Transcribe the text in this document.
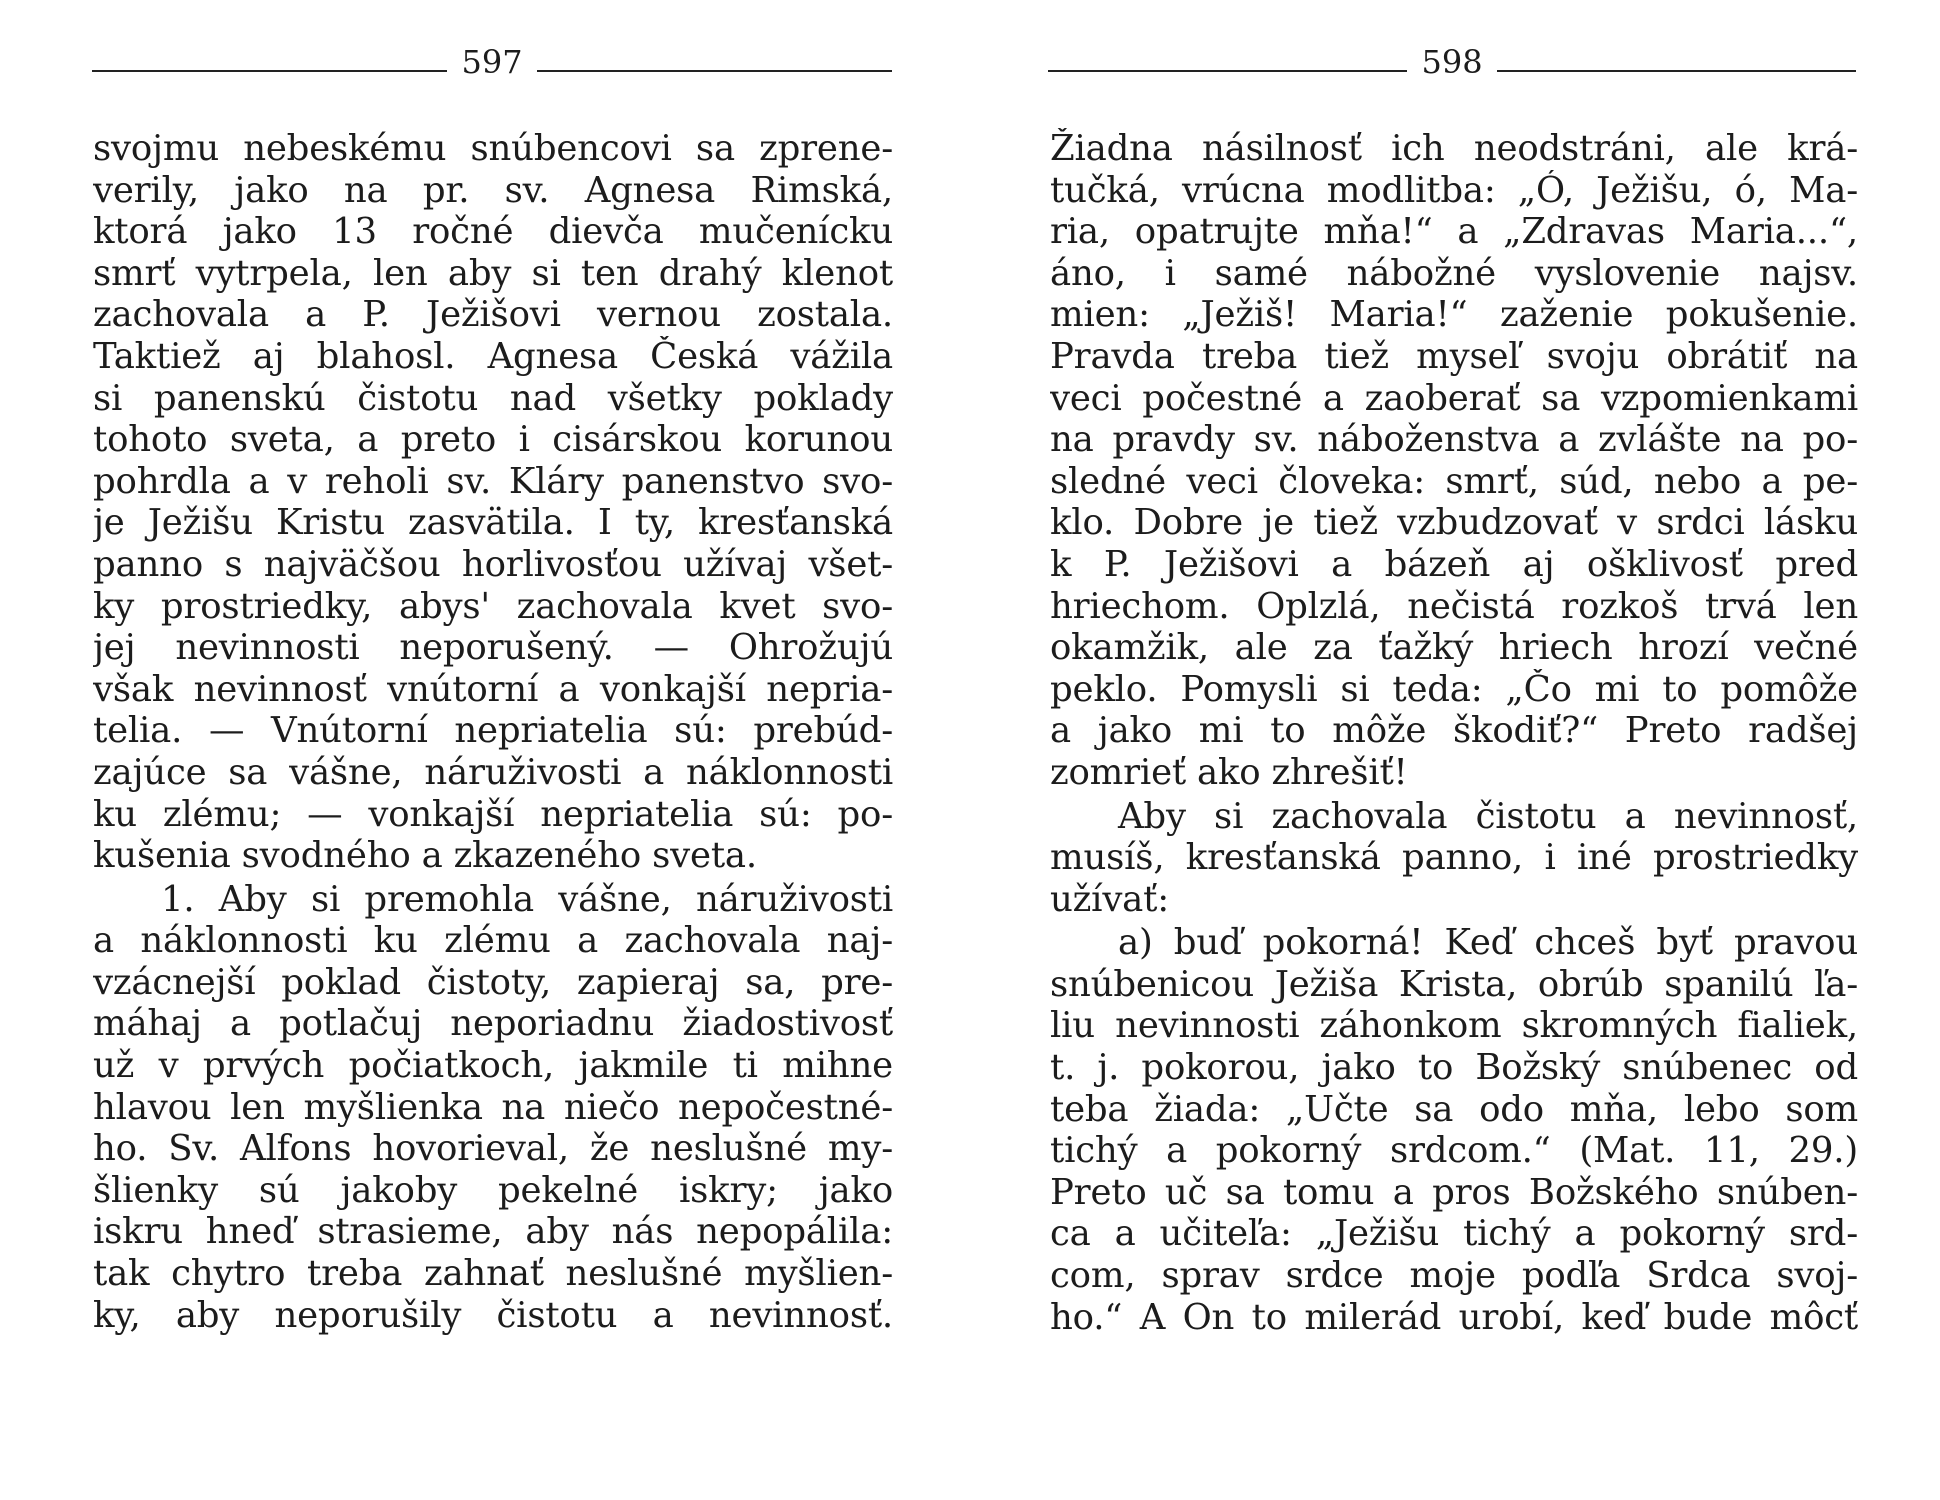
597
svojmu nebeskému snúbencovi sa zprene-
verily, jako na pr. sv. Agnesa Rimská,
ktorá jako 13 ročné dievča mučenícku
smrť vytrpela, len aby si ten drahý klenot
zachovala a P. Ježišovi vernou zostala.
Taktiež aj blahosl. Agnesa Česká vážila
si panenskú čistotu nad všetky poklady
tohoto sveta, a preto i cisárskou korunou
pohrdla a v reholi sv. Kláry panenstvo svo-
je Ježišu Kristu zasvätila. I ty, kresťanská
panno s najväčšou horlivosťou užívaj všet-
ky prostriedky, abys' zachovala kvet svo-
jej nevinnosti neporušený. — Ohrožujú
však nevinnosť vnútorní a vonkajší nepria-
telia. — Vnútorní nepriatelia sú: prebúd-
zajúce sa vášne, náruživosti a náklonnosti
ku zlému; — vonkajší nepriatelia sú: po-
kušenia svodného a zkazeného sveta.
1. Aby si premohla vášne, náruživosti
a náklonnosti ku zlému a zachovala naj-
vzácnejší poklad čistoty, zapieraj sa, pre-
máhaj a potlačuj neporiadnu žiadostivosť
už v prvých počiatkoch, jakmile ti mihne
hlavou len myšlienka na niečo nepočestné-
ho. Sv. Alfons hovorieval, že neslušné my-
šlienky sú jakoby pekelné iskry; jako
iskru hneď strasieme, aby nás nepopálila:
tak chytro treba zahnať neslušné myšlien-
ky, aby neporušily čistotu a nevinnosť.
598
Žiadna násilnosť ich neodstráni, ale krá-
tučká, vrúcna modlitba: „Ó, Ježišu, ó, Ma-
ria, opatrujte mňa!“ a „Zdravas Maria...“,
áno, i samé nábožné vyslovenie najsv.
mien: „Ježiš! Maria!“ zaženie pokušenie.
Pravda treba tiež myseľ svoju obrátiť na
veci počestné a zaoberať sa vzpomienkami
na pravdy sv. náboženstva a zvlášte na po-
sledné veci človeka: smrť, súd, nebo a pe-
klo. Dobre je tiež vzbudzovať v srdci lásku
k P. Ježišovi a bázeň aj ošklivosť pred
hriechom. Oplzlá, nečistá rozkoš trvá len
okamžik, ale za ťažký hriech hrozí večné
peklo. Pomysli si teda: „Čo mi to pomôže
a jako mi to môže škodiť?“ Preto radšej
zomrieť ako zhrešiť!
Aby si zachovala čistotu a nevinnosť,
musíš, kresťanská panno, i iné prostriedky
užívať:
a) buď pokorná! Keď chceš byť pravou
snúbenicou Ježiša Krista, obrúb spanilú ľa-
liu nevinnosti záhonkom skromných fialiek,
t. j. pokorou, jako to Božský snúbenec od
teba žiada: „Učte sa odo mňa, lebo som
tichý a pokorný srdcom.“ (Mat. 11, 29.)
Preto uč sa tomu a pros Božského snúben-
ca a učiteľa: „Ježišu tichý a pokorný srd-
com, sprav srdce moje podľa Srdca svoj-
ho.“ A On to milerád urobí, keď bude môcť
